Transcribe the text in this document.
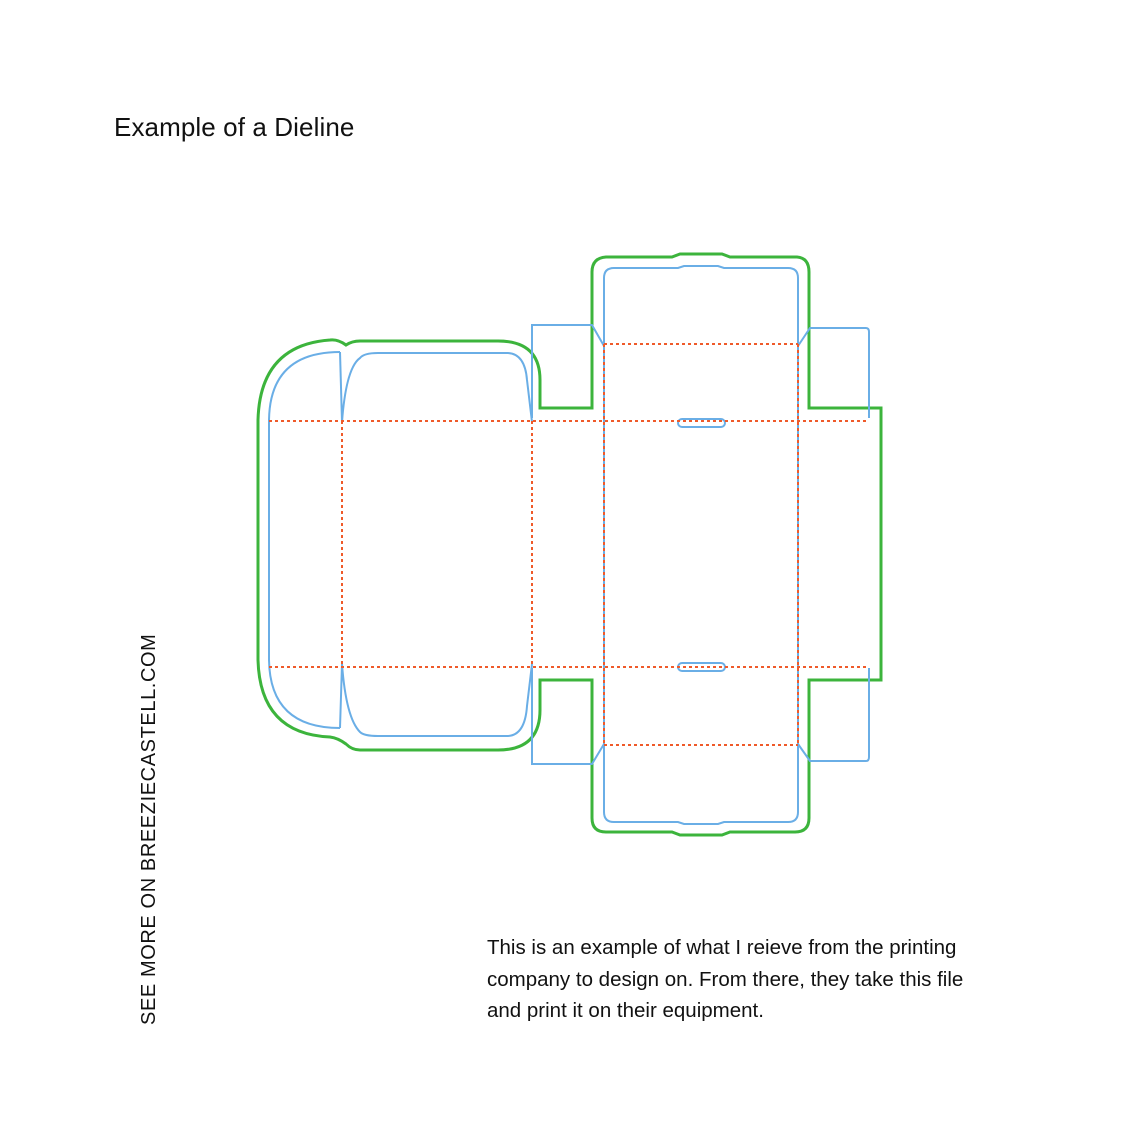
Example of a Dieline
SEE MORE ON BREEZIECASTELL.COM	This is an example of what I reieve from the printing
company to design on. From there, they take this file
and print it on their equipment.
